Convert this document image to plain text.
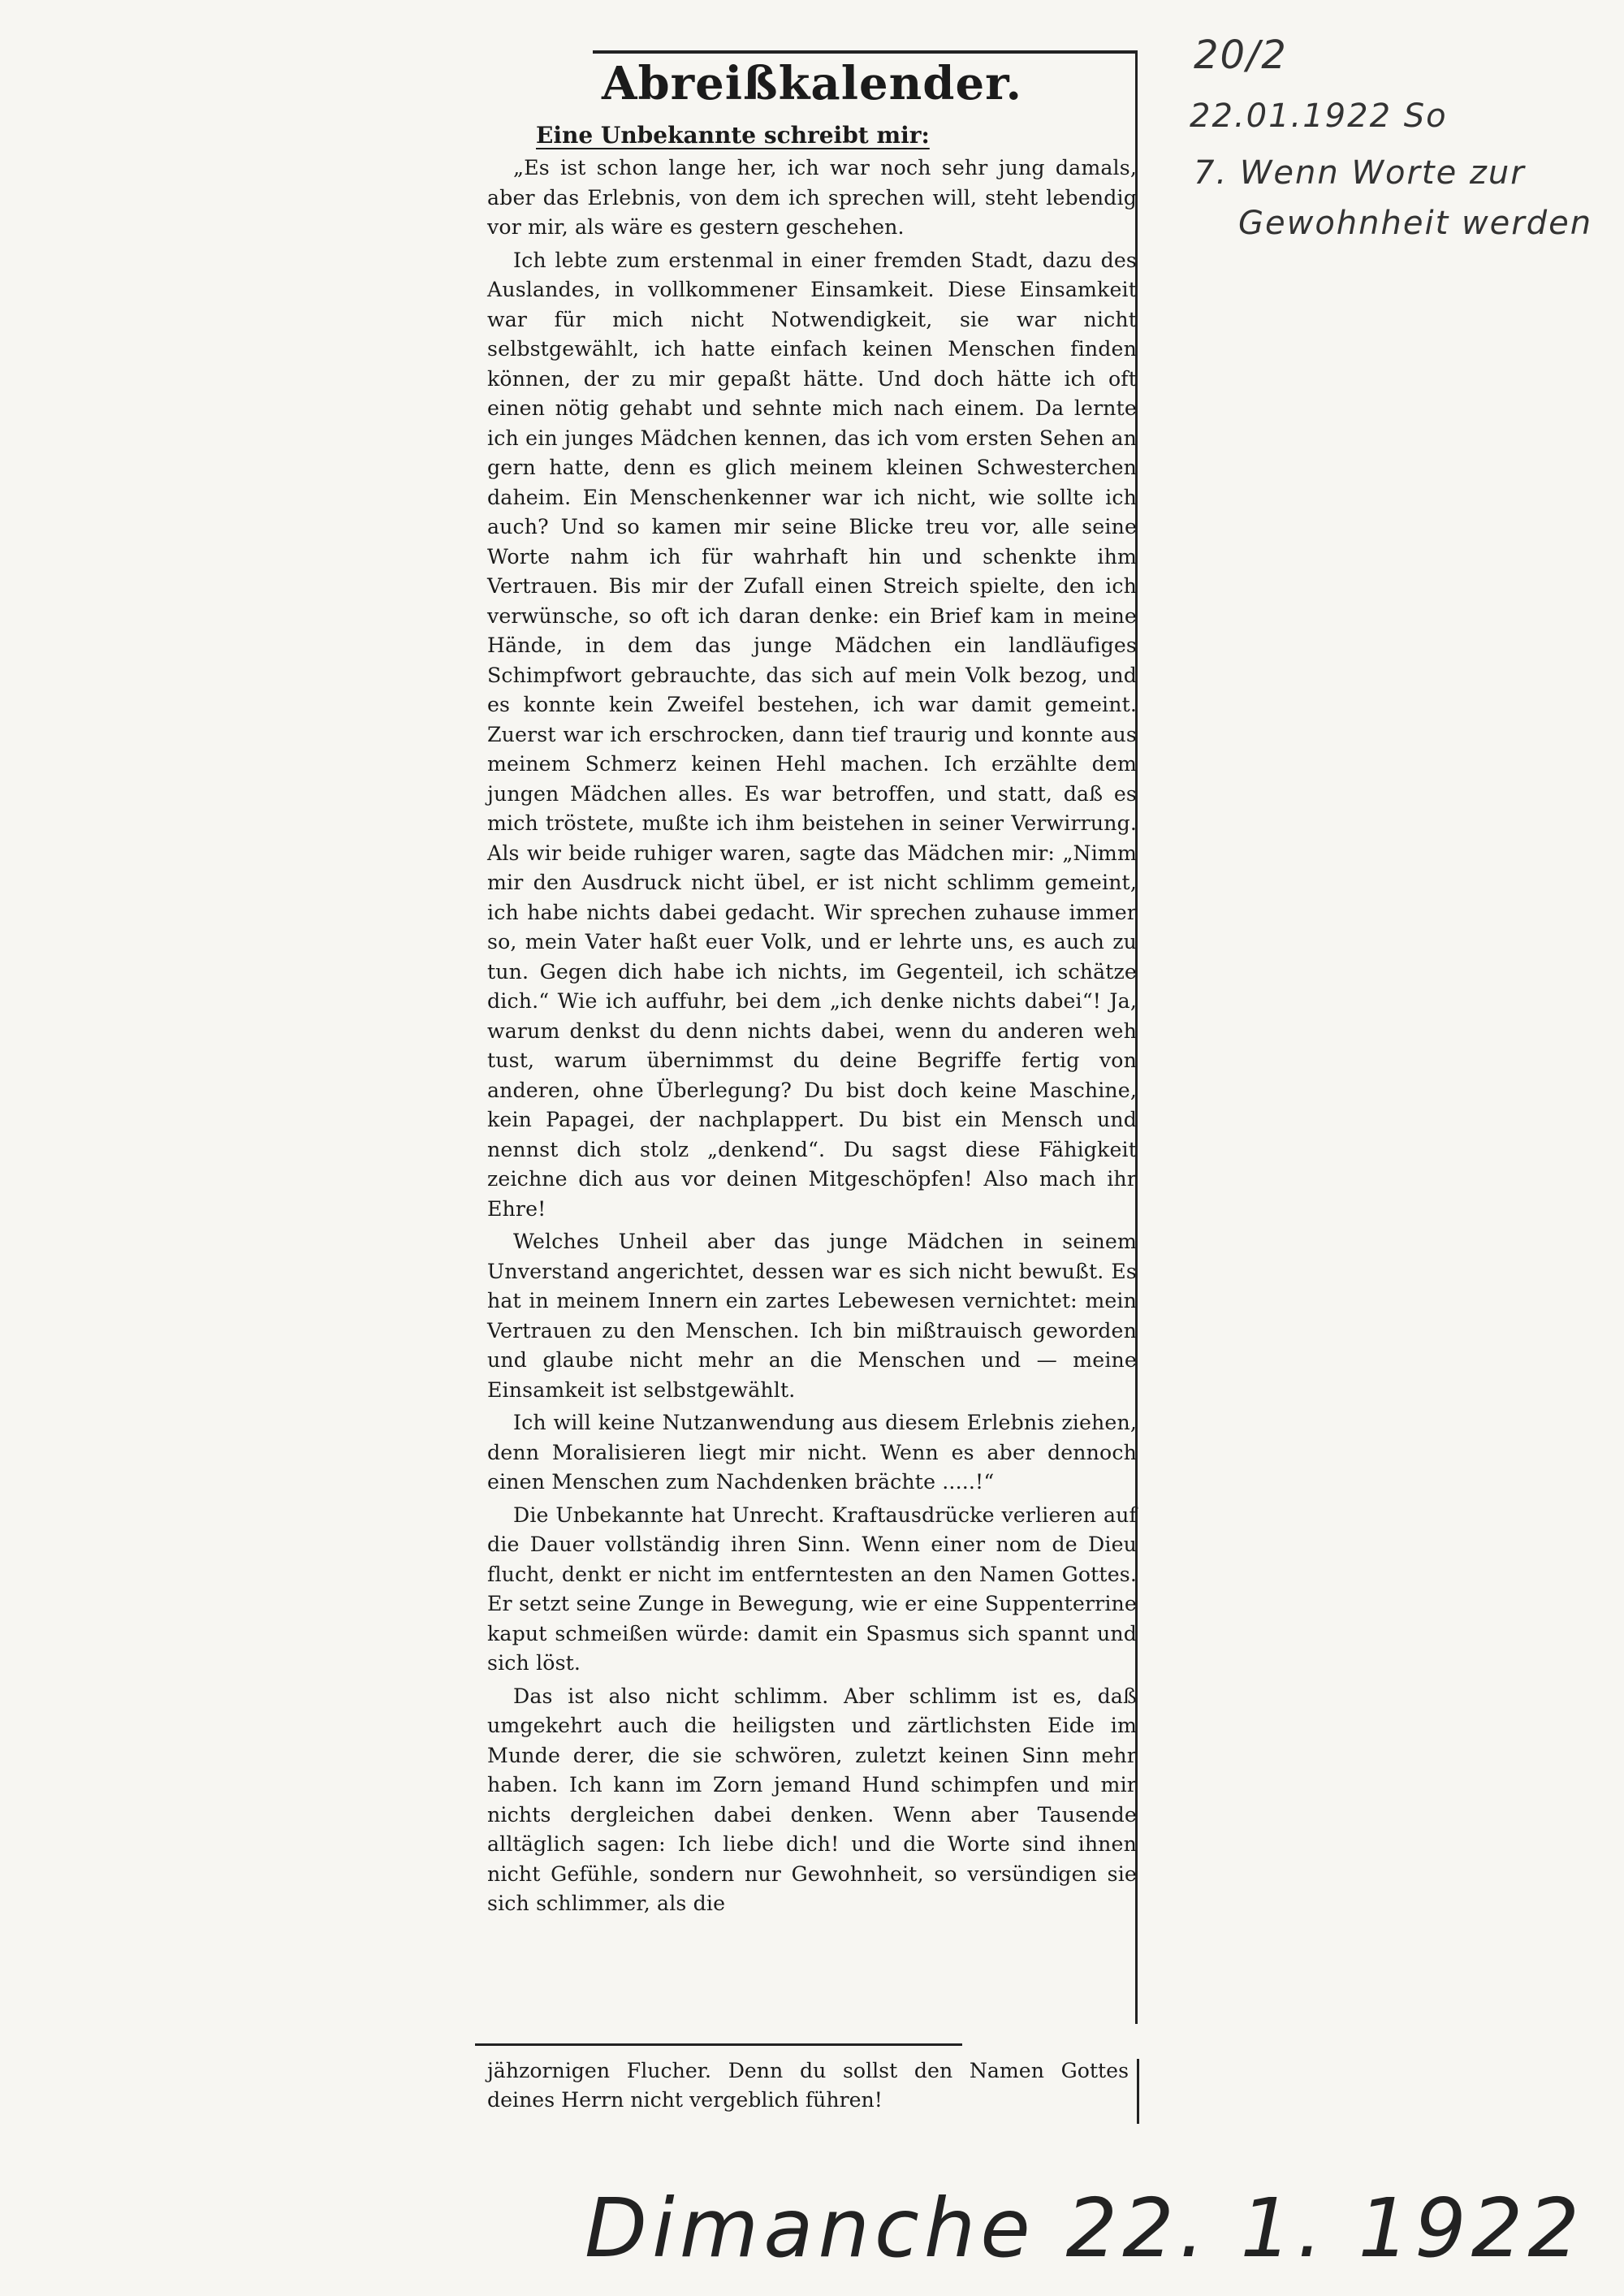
20/2
22.01.1922 So
7. Wenn Worte zur
Gewohnheit werden
Abreißkalender.
Eine Unbekannte schreibt mir:

„Es ist schon lange her, ich war noch sehr jung damals, aber das Erlebnis, von dem ich sprechen will, steht lebendig vor mir, als wäre es gestern geschehen.

Ich lebte zum erstenmal in einer fremden Stadt, dazu des Auslandes, in vollkommener Einsamkeit. Diese Einsamkeit war für mich nicht Notwendigkeit, sie war nicht selbstgewählt, ich hatte einfach keinen Menschen finden können, der zu mir gepaßt hätte. Und doch hätte ich oft einen nötig gehabt und sehnte mich nach einem. Da lernte ich ein junges Mädchen kennen, das ich vom ersten Sehen an gern hatte, denn es glich meinem kleinen Schwesterchen daheim. Ein Menschenkenner war ich nicht, wie sollte ich auch? Und so kamen mir seine Blicke treu vor, alle seine Worte nahm ich für wahrhaft hin und schenkte ihm Vertrauen. Bis mir der Zufall einen Streich spielte, den ich verwünsche, so oft ich daran denke: ein Brief kam in meine Hände, in dem das junge Mädchen ein landläufiges Schimpfwort gebrauchte, das sich auf mein Volk bezog, und es konnte kein Zweifel bestehen, ich war damit gemeint. Zuerst war ich erschrocken, dann tief traurig und konnte aus meinem Schmerz keinen Hehl machen. Ich erzählte dem jungen Mädchen alles. Es war betroffen, und statt, daß es mich tröstete, mußte ich ihm beistehen in seiner Verwirrung. Als wir beide ruhiger waren, sagte das Mädchen mir: „Nimm mir den Ausdruck nicht übel, er ist nicht schlimm gemeint, ich habe nichts dabei gedacht. Wir sprechen zuhause immer so, mein Vater haßt euer Volk, und er lehrte uns, es auch zu tun. Gegen dich habe ich nichts, im Gegenteil, ich schätze dich.“ Wie ich auffuhr, bei dem „ich denke nichts dabei“! Ja, warum denkst du denn nichts dabei, wenn du anderen weh tust, warum übernimmst du deine Begriffe fertig von anderen, ohne Überlegung? Du bist doch keine Maschine, kein Papagei, der nachplappert. Du bist ein Mensch und nennst dich stolz „denkend“. Du sagst diese Fähigkeit zeichne dich aus vor deinen Mitgeschöpfen! Also mach ihr Ehre!

Welches Unheil aber das junge Mädchen in seinem Unverstand angerichtet, dessen war es sich nicht bewußt. Es hat in meinem Innern ein zartes Lebewesen vernichtet: mein Vertrauen zu den Menschen. Ich bin mißtrauisch geworden und glaube nicht mehr an die Menschen und — meine Einsamkeit ist selbstgewählt.

Ich will keine Nutzanwendung aus diesem Erlebnis ziehen, denn Moralisieren liegt mir nicht. Wenn es aber dennoch einen Menschen zum Nachdenken brächte .....!“

Die Unbekannte hat Unrecht. Kraftausdrücke verlieren auf die Dauer vollständig ihren Sinn. Wenn einer nom de Dieu flucht, denkt er nicht im entferntesten an den Namen Gottes. Er setzt seine Zunge in Bewegung, wie er eine Suppenterrine kaput schmeißen würde: damit ein Spasmus sich spannt und sich löst.

Das ist also nicht schlimm. Aber schlimm ist es, daß umgekehrt auch die heiligsten und zärtlichsten Eide im Munde derer, die sie schwören, zuletzt keinen Sinn mehr haben. Ich kann im Zorn jemand Hund schimpfen und mir nichts dergleichen dabei denken. Wenn aber Tausende alltäglich sagen: Ich liebe dich! und die Worte sind ihnen nicht Gefühle, sondern nur Gewohnheit, so versündigen sie sich schlimmer, als die

jähzornigen Flucher. Denn du sollst den Namen Gottes deines Herrn nicht vergeblich führen!
Dimanche 22. 1. 1922
